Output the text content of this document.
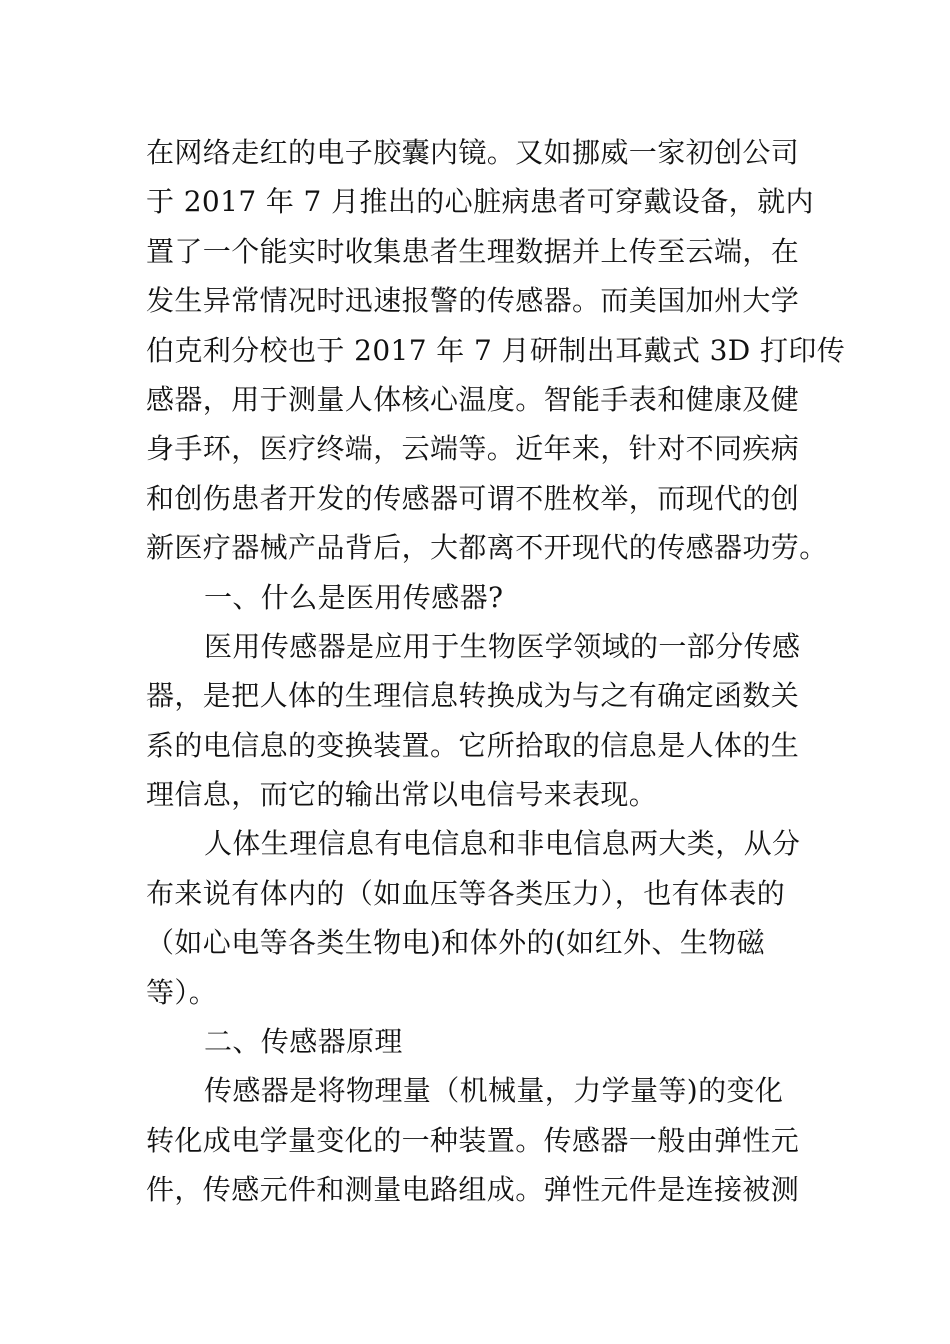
在网络走红的电子胶囊内镜。又如挪威一家初创公司
于 2017 年 7 月推出的心脏病患者可穿戴设备，就内
置了一个能实时收集患者生理数据并上传至云端，在
发生异常情况时迅速报警的传感器。而美国加州大学
伯克利分校也于 2017 年 7 月研制出耳戴式 3D 打印传
感器，用于测量人体核心温度。智能手表和健康及健
身手环，医疗终端，云端等。近年来，针对不同疾病
和创伤患者开发的传感器可谓不胜枚举，而现代的创
新医疗器械产品背后，大都离不开现代的传感器功劳。
一、什么是医用传感器?
医用传感器是应用于生物医学领域的一部分传感
器，是把人体的生理信息转换成为与之有确定函数关
系的电信息的变换装置。它所拾取的信息是人体的生
理信息，而它的输出常以电信号来表现。
人体生理信息有电信息和非电信息两大类，从分
布来说有体内的（如血压等各类压力），也有体表的
（如心电等各类生物电)和体外的(如红外、生物磁
等）。
二、传感器原理
传感器是将物理量（机械量，力学量等)的变化
转化成电学量变化的一种装置。传感器一般由弹性元
件，传感元件和测量电路组成。弹性元件是连接被测
